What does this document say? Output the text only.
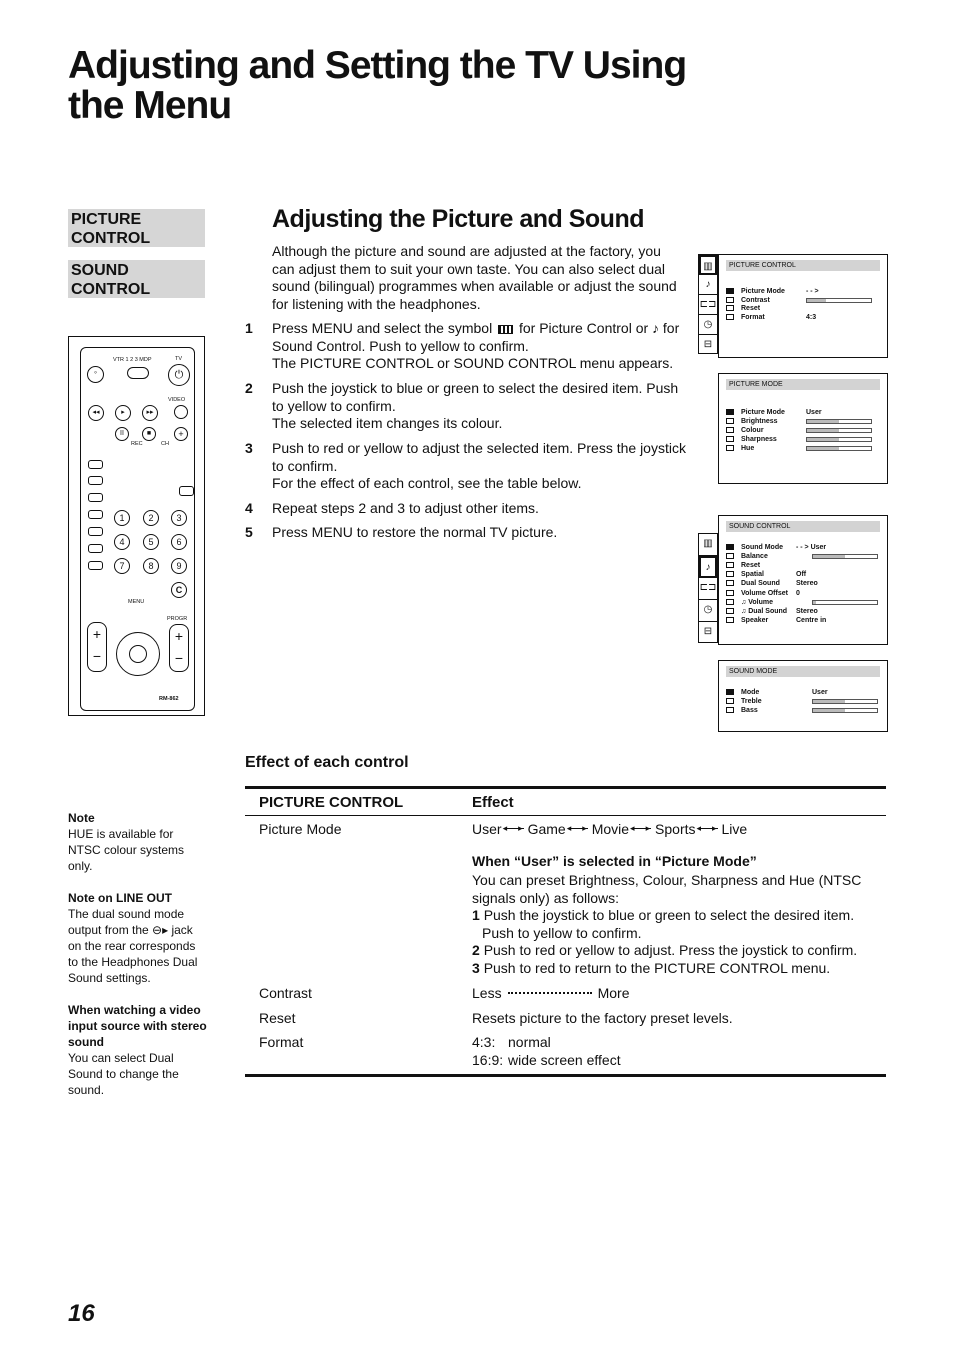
Adjusting and Setting the TV Using the Menu
PICTURE CONTROL
SOUND CONTROL
Adjusting the Picture and Sound

Although the picture and sound are adjusted at the factory, you can adjust them to suit your own taste. You can also select dual sound (bilingual) programmes when available or adjust the sound for listening with the headphones.

1 Press MENU and select the symbol for Picture Control or ♪ for Sound Control. Push to yellow to confirm.
The PICTURE CONTROL or SOUND CONTROL menu appears.
2 Push the joystick to blue or green to select the desired item. Push to yellow to confirm.
The selected item changes its colour.
3 Push to red or yellow to adjust the selected item. Press the joystick to confirm.
For the effect of each control, see the table below.
4 Repeat steps 2 and 3 to adjust other items.
5 Press MENU to restore the normal TV picture.
VTR 1 2 3 MDP	TV
◦	⏻
VIDEO
◂◂	▸	▸▸
II	■	+
REC	CH
1	2	3
4	5	6
7	8	9
C
MENU
PROGR
+
−
+
−
RM-862
▥
♪
⊏⊐
◷
⊟
PICTURE CONTROL
Picture Mode	- - >
Contrast
Reset
Format	4:3
PICTURE MODE
Picture Mode	User
Brightness
Colour
Sharpness
Hue
▥
♪
⊏⊐
◷
⊟
SOUND CONTROL
Sound Mode - - > User
Balance
Reset
Spatial	Off
Dual Sound Stereo
Volume Offset 0
♫ Volume
♫ Dual Sound Stereo
Speaker	Centre in
SOUND MODE
Mode	User
Treble
Bass

Note
HUE is available for NTSC colour systems only.

Note on LINE OUT
The dual sound mode output from the ⊖▸ jack on the rear corresponds to the Headphones Dual Sound settings.

When watching a video input source with stereo sound
You can select Dual Sound to change the sound.

Effect of each control
PICTURE CONTROL	Effect
Picture Mode	User ◂▸ Game ◂▸ Movie ◂▸ Sports ◂▸ Live
When “User” is selected in “Picture Mode”
You can preset Brightness, Colour, Sharpness and Hue (NTSC signals only) as follows:
1 Push the joystick to blue or green to select the desired item. Push to yellow to confirm.
2 Push to red or yellow to adjust. Press the joystick to confirm.
3 Push to red to return to the PICTURE CONTROL menu.
Contrast	Less	More
Reset	Resets picture to the factory preset levels.
Format	4:3: normal
16:9: wide screen effect
16
